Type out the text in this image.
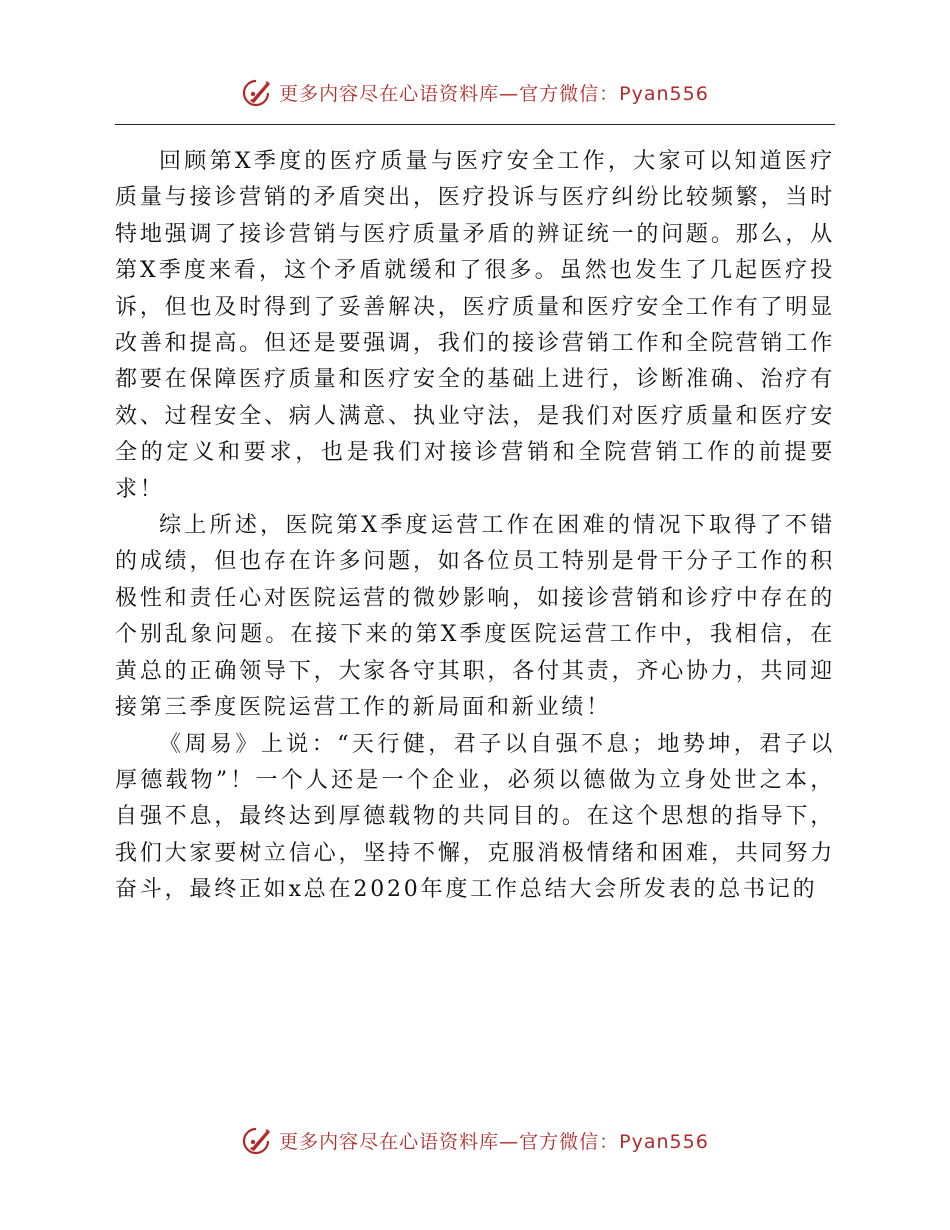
更多内容尽在心语资料库—官方微信：Pyan556

回顾第X季度的医疗质量与医疗安全工作，大家可以知道医疗质量与接诊营销的矛盾突出，医疗投诉与医疗纠纷比较频繁，当时特地强调了接诊营销与医疗质量矛盾的辨证统一的问题。那么，从第X季度来看，这个矛盾就缓和了很多。虽然也发生了几起医疗投诉，但也及时得到了妥善解决，医疗质量和医疗安全工作有了明显改善和提高。但还是要强调，我们的接诊营销工作和全院营销工作都要在保障医疗质量和医疗安全的基础上进行，诊断准确、治疗有效、过程安全、病人满意、执业守法，是我们对医疗质量和医疗安全的定义和要求，也是我们对接诊营销和全院营销工作的前提要求！

综上所述，医院第X季度运营工作在困难的情况下取得了不错的成绩，但也存在许多问题，如各位员工特别是骨干分子工作的积极性和责任心对医院运营的微妙影响，如接诊营销和诊疗中存在的个别乱象问题。在接下来的第X季度医院运营工作中，我相信，在黄总的正确领导下，大家各守其职，各付其责，齐心协力，共同迎接第三季度医院运营工作的新局面和新业绩！

《周易》上说：“天行健，君子以自强不息；地势坤，君子以厚德载物”！一个人还是一个企业，必须以德做为立身处世之本，自强不息，最终达到厚德载物的共同目的。在这个思想的指导下，我们大家要树立信心，坚持不懈，克服消极情绪和困难，共同努力奋斗，最终正如x总在2020年度工作总结大会所发表的总书记的

更多内容尽在心语资料库—官方微信：Pyan556
